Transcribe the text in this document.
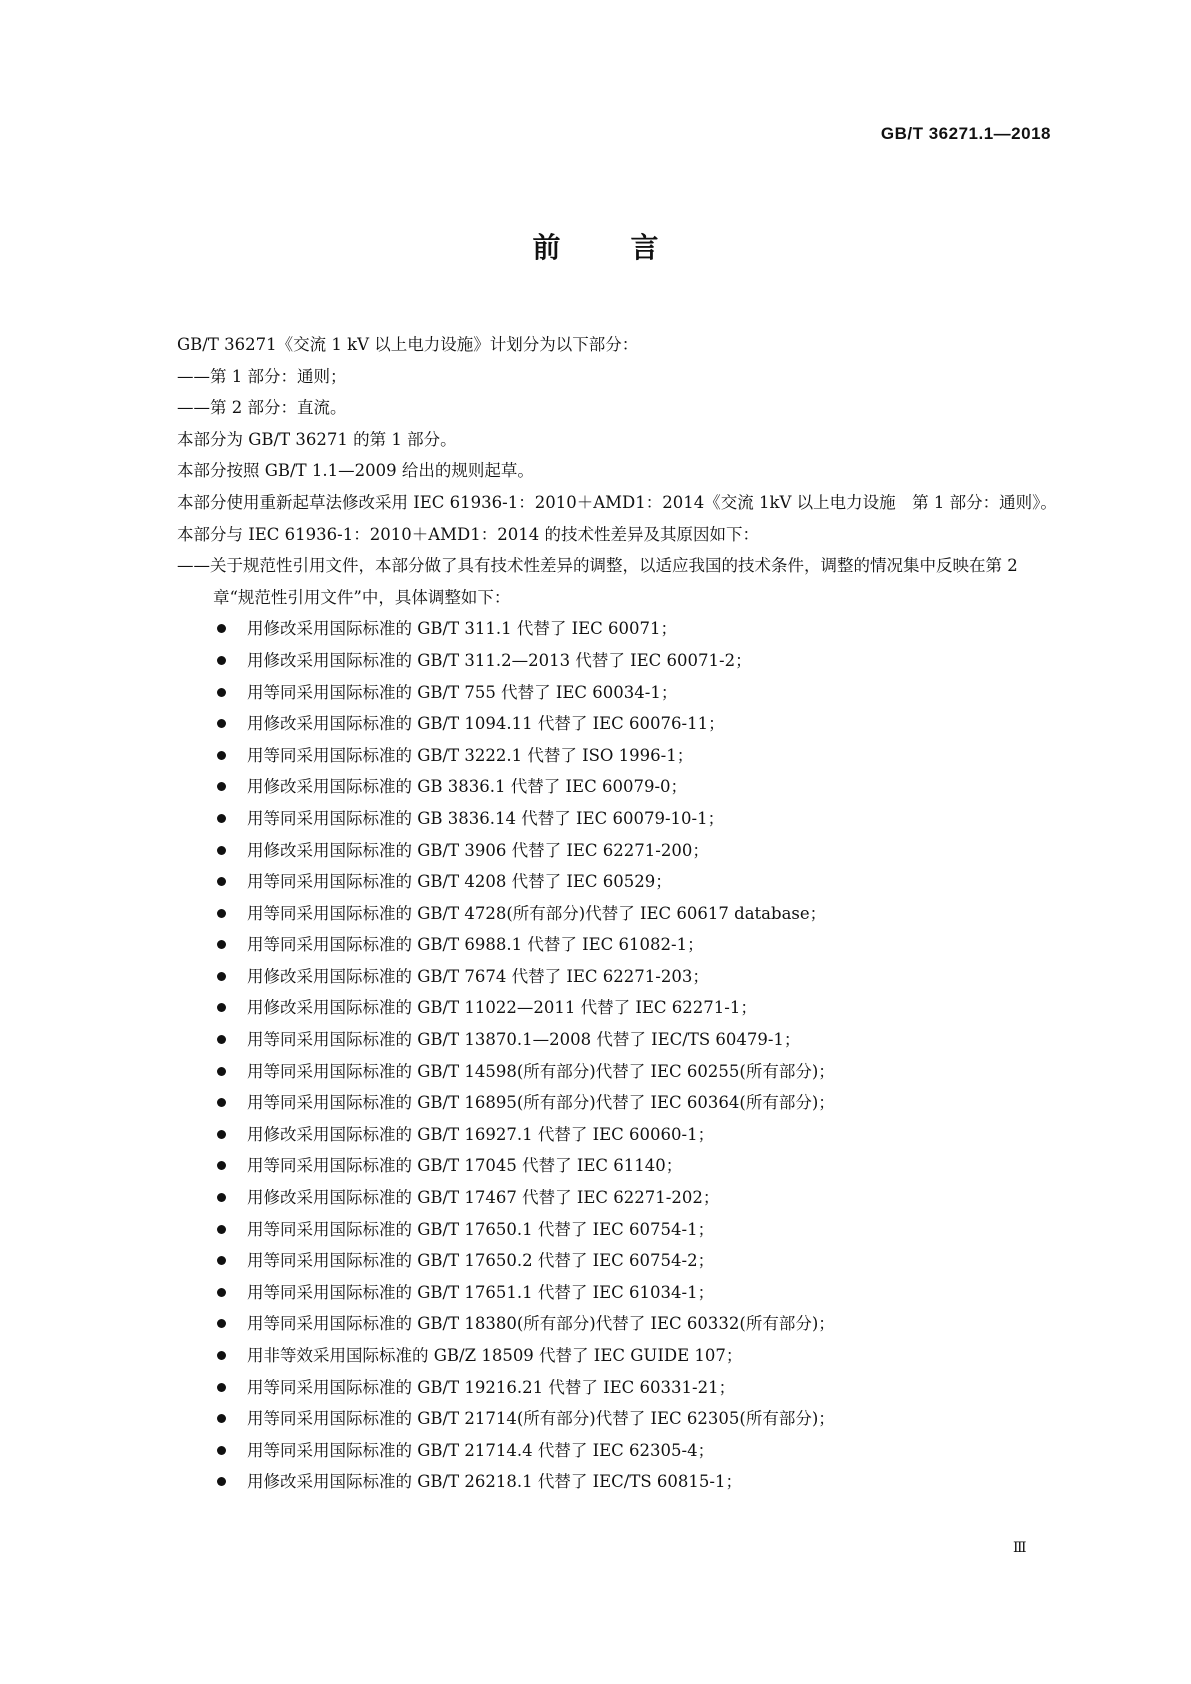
GB/T 36271.1—2018
前	言

GB/T 36271《交流 1 kV 以上电力设施》计划分为以下部分：

——第 1 部分：通则；

——第 2 部分：直流。

本部分为 GB/T 36271 的第 1 部分。

本部分按照 GB/T 1.1—2009 给出的规则起草。

本部分使用重新起草法修改采用 IEC 61936-1：2010＋AMD1：2014《交流 1kV 以上电力设施　第 1 部分：通则》。

本部分与 IEC 61936-1：2010＋AMD1：2014 的技术性差异及其原因如下：

——关于规范性引用文件，本部分做了具有技术性差异的调整，以适应我国的技术条件，调整的情况集中反映在第 2 章“规范性引用文件”中，具体调整如下：

用修改采用国际标准的 GB/T 311.1 代替了 IEC 60071；
用修改采用国际标准的 GB/T 311.2—2013 代替了 IEC 60071-2；
用等同采用国际标准的 GB/T 755 代替了 IEC 60034-1；
用修改采用国际标准的 GB/T 1094.11 代替了 IEC 60076-11；
用等同采用国际标准的 GB/T 3222.1 代替了 ISO 1996-1；
用修改采用国际标准的 GB 3836.1 代替了 IEC 60079-0；
用等同采用国际标准的 GB 3836.14 代替了 IEC 60079-10-1；
用修改采用国际标准的 GB/T 3906 代替了 IEC 62271-200；
用等同采用国际标准的 GB/T 4208 代替了 IEC 60529；
用等同采用国际标准的 GB/T 4728(所有部分)代替了 IEC 60617 database；
用等同采用国际标准的 GB/T 6988.1 代替了 IEC 61082-1；
用修改采用国际标准的 GB/T 7674 代替了 IEC 62271-203；
用修改采用国际标准的 GB/T 11022—2011 代替了 IEC 62271-1；
用等同采用国际标准的 GB/T 13870.1—2008 代替了 IEC/TS 60479-1；
用等同采用国际标准的 GB/T 14598(所有部分)代替了 IEC 60255(所有部分)；
用等同采用国际标准的 GB/T 16895(所有部分)代替了 IEC 60364(所有部分)；
用修改采用国际标准的 GB/T 16927.1 代替了 IEC 60060-1；
用等同采用国际标准的 GB/T 17045 代替了 IEC 61140；
用修改采用国际标准的 GB/T 17467 代替了 IEC 62271-202；
用等同采用国际标准的 GB/T 17650.1 代替了 IEC 60754-1；
用等同采用国际标准的 GB/T 17650.2 代替了 IEC 60754-2；
用等同采用国际标准的 GB/T 17651.1 代替了 IEC 61034-1；
用等同采用国际标准的 GB/T 18380(所有部分)代替了 IEC 60332(所有部分)；
用非等效采用国际标准的 GB/Z 18509 代替了 IEC GUIDE 107；
用等同采用国际标准的 GB/T 19216.21 代替了 IEC 60331-21；
用等同采用国际标准的 GB/T 21714(所有部分)代替了 IEC 62305(所有部分)；
用等同采用国际标准的 GB/T 21714.4 代替了 IEC 62305-4；
用修改采用国际标准的 GB/T 26218.1 代替了 IEC/TS 60815-1；
Ⅲ
